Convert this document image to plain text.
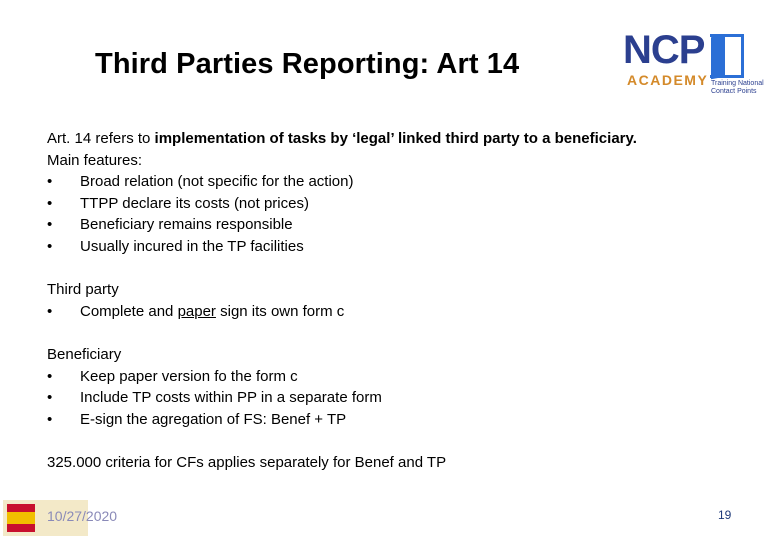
Third Parties Reporting: Art 14	NCP
ACADEMY Training National Contact Points
Art. 14 refers to implementation of tasks by ‘legal’ linked third party to a beneficiary.
Main features:
• Broad relation (not specific for the action)
• TTPP declare its costs (not prices)
• Beneficiary remains responsible
• Usually incured in the TP facilities
Third party
• Complete and paper sign its own form c
Beneficiary
• Keep paper version fo the form c
• Include TP costs within PP in a separate form
• E-sign the agregation of FS: Benef + TP
325.000 criteria for CFs applies separately for Benef and TP
10/27/2020	19
